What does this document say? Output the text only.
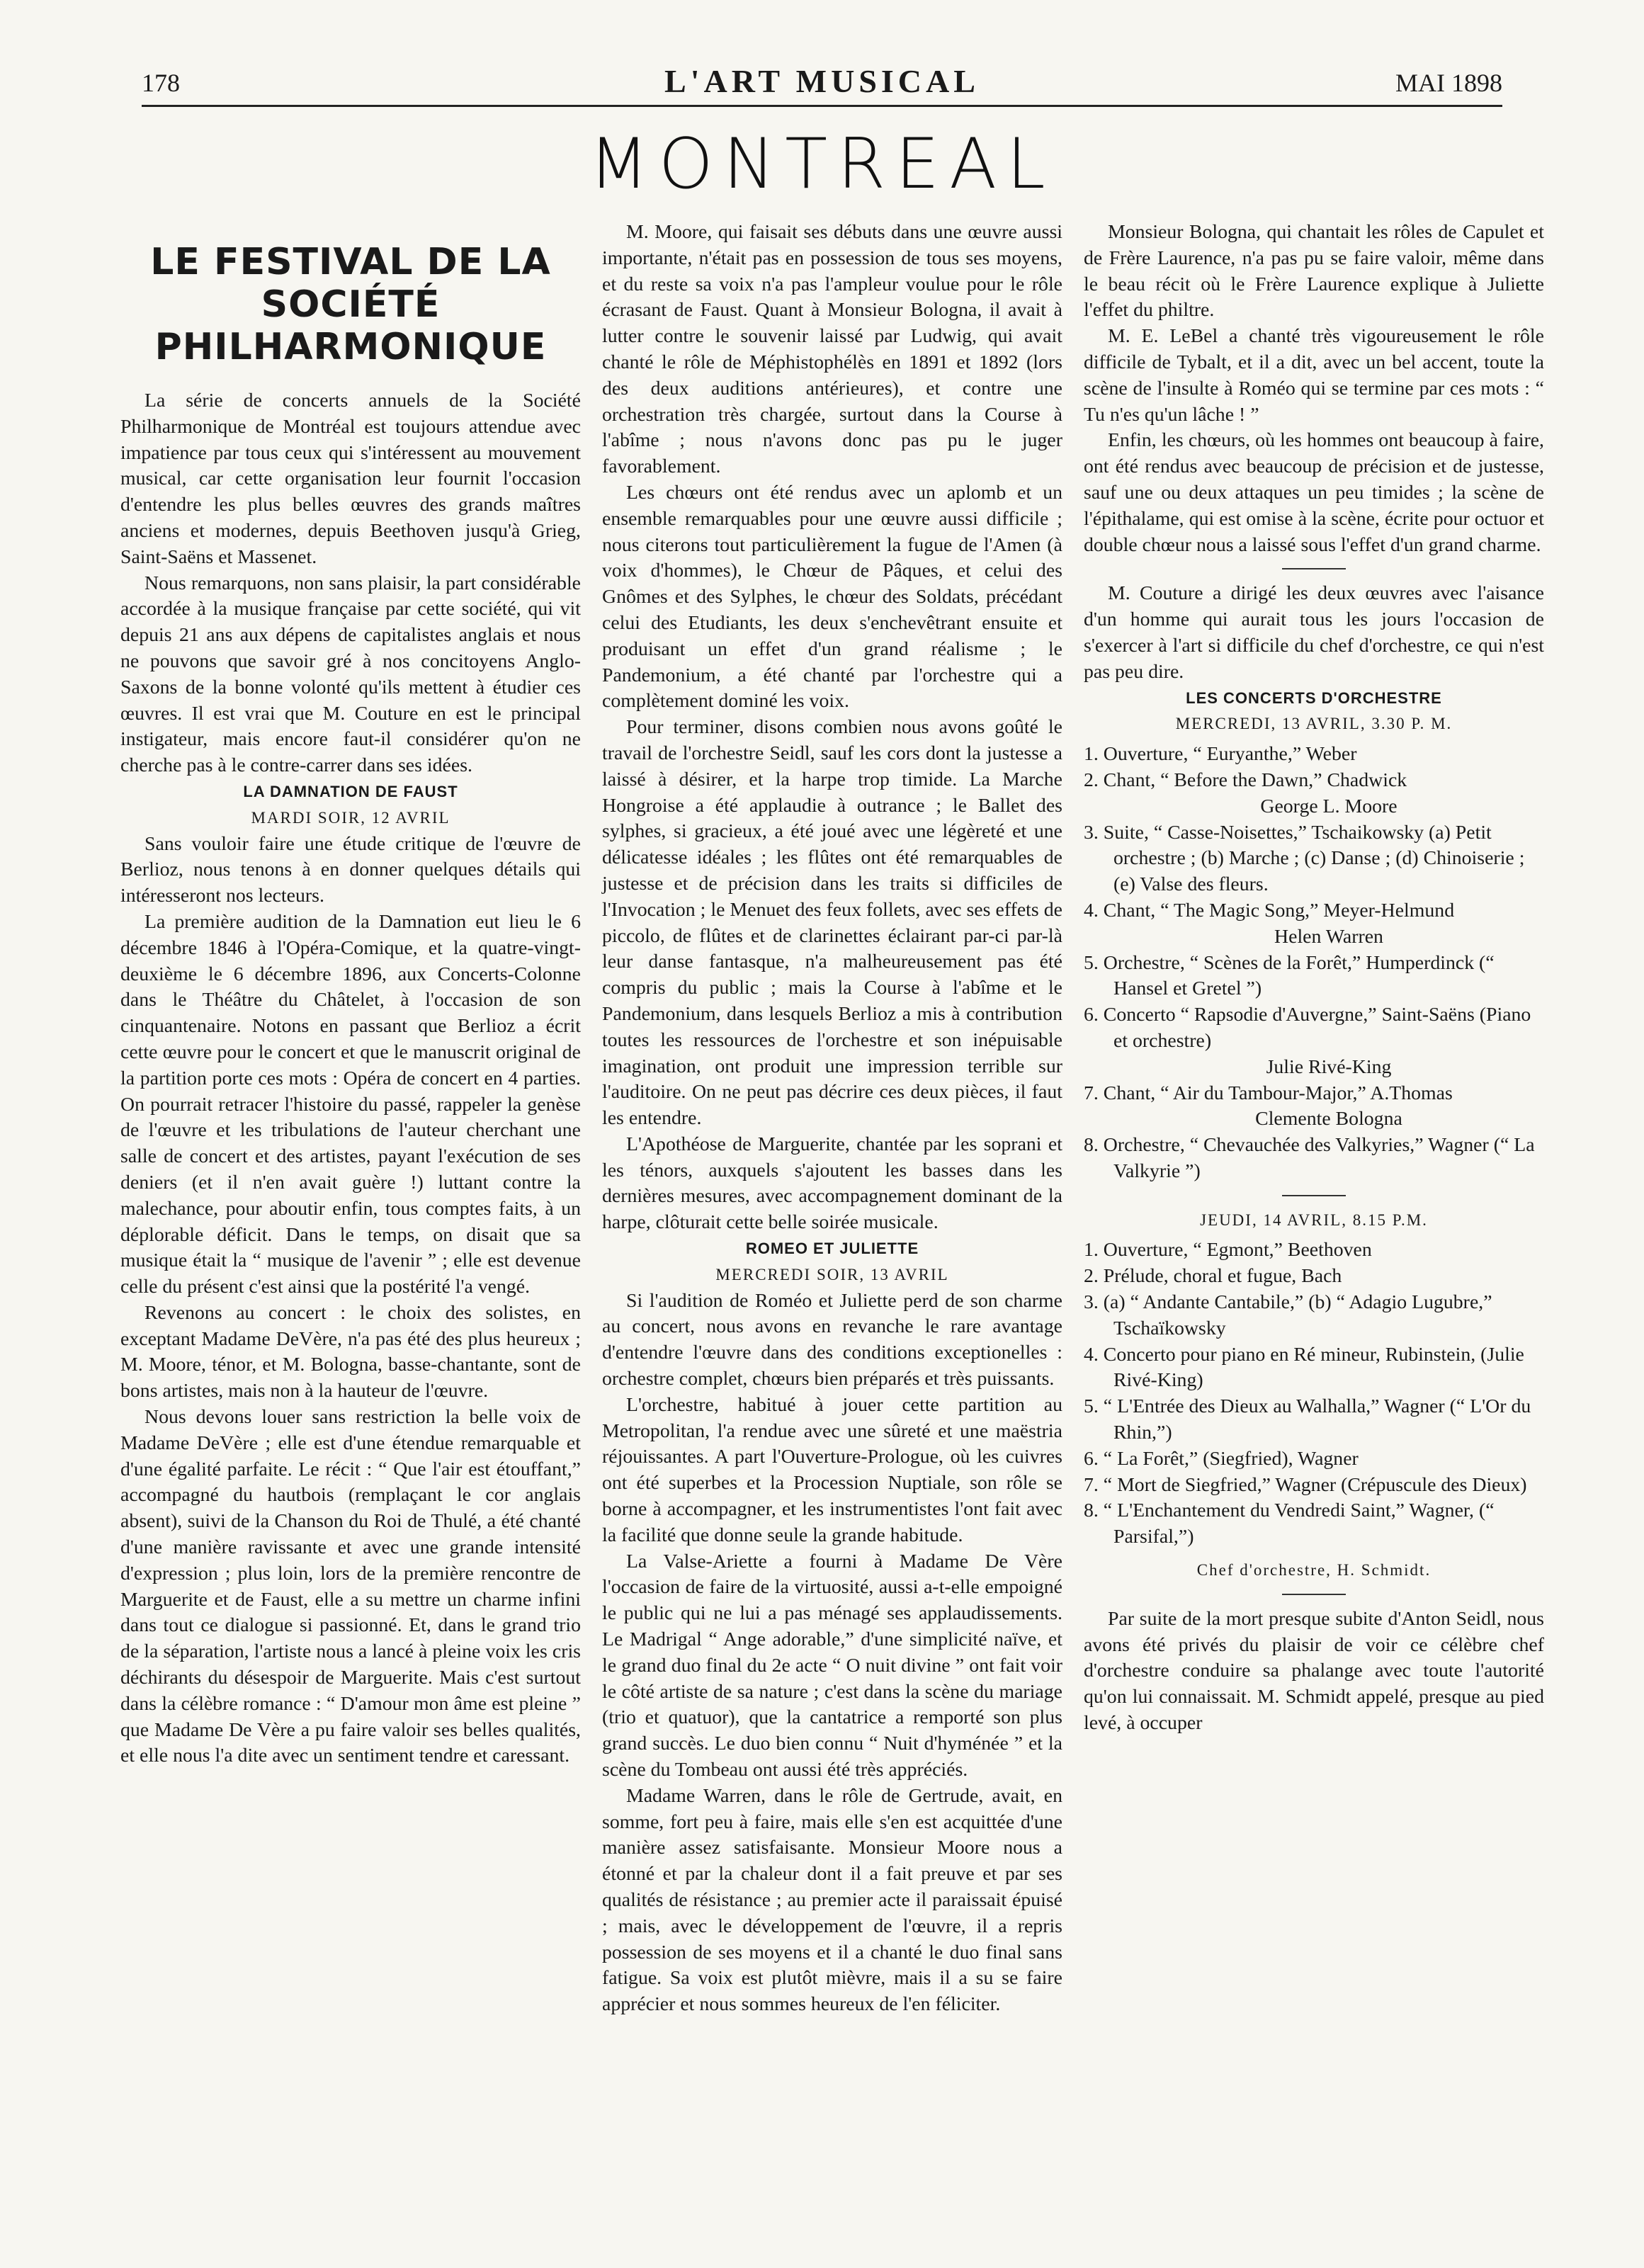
178	L'ART MUSICAL	MAI 1898
MONTREAL
LE FESTIVAL DE LA SOCIÉTÉ PHILHARMONIQUE

La série de concerts annuels de la Société Philharmonique de Montréal est toujours attendue avec impatience par tous ceux qui s'intéressent au mouvement musical, car cette organisation leur fournit l'occasion d'entendre les plus belles œuvres des grands maîtres anciens et modernes, depuis Beethoven jusqu'à Grieg, Saint-Saëns et Massenet.

Nous remarquons, non sans plaisir, la part considérable accordée à la musique française par cette société, qui vit depuis 21 ans aux dépens de capitalistes anglais et nous ne pouvons que savoir gré à nos concitoyens Anglo-Saxons de la bonne volonté qu'ils mettent à étudier ces œuvres. Il est vrai que M. Couture en est le principal instigateur, mais encore faut-il considérer qu'on ne cherche pas à le contre-carrer dans ses idées.

LA DAMNATION DE FAUST

MARDI SOIR, 12 AVRIL

Sans vouloir faire une étude critique de l'œuvre de Berlioz, nous tenons à en donner quelques détails qui intéresseront nos lecteurs.

La première audition de la Damnation eut lieu le 6 décembre 1846 à l'Opéra-Comique, et la quatre-vingt-deuxième le 6 décembre 1896, aux Concerts-Colonne dans le Théâtre du Châtelet, à l'occasion de son cinquantenaire. Notons en passant que Berlioz a écrit cette œuvre pour le concert et que le manuscrit original de la partition porte ces mots : Opéra de concert en 4 parties. On pourrait retracer l'histoire du passé, rappeler la genèse de l'œuvre et les tribulations de l'auteur cherchant une salle de concert et des artistes, payant l'exécution de ses deniers (et il n'en avait guère !) luttant contre la malechance, pour aboutir enfin, tous comptes faits, à un déplorable déficit. Dans le temps, on disait que sa musique était la “ musique de l'avenir ” ; elle est devenue celle du présent c'est ainsi que la postérité l'a vengé.

Revenons au concert : le choix des solistes, en exceptant Madame DeVère, n'a pas été des plus heureux ; M. Moore, ténor, et M. Bologna, basse-chantante, sont de bons artistes, mais non à la hauteur de l'œuvre.

Nous devons louer sans restriction la belle voix de Madame DeVère ; elle est d'une étendue remarquable et d'une égalité parfaite. Le récit : “ Que l'air est étouffant,” accompagné du hautbois (remplaçant le cor anglais absent), suivi de la Chanson du Roi de Thulé, a été chanté d'une manière ravissante et avec une grande intensité d'expression ; plus loin, lors de la première rencontre de Marguerite et de Faust, elle a su mettre un charme infini dans tout ce dialogue si passionné. Et, dans le grand trio de la séparation, l'artiste nous a lancé à pleine voix les cris déchirants du désespoir de Marguerite. Mais c'est surtout dans la célèbre romance : “ D'amour mon âme est pleine ” que Madame De Vère a pu faire valoir ses belles qualités, et elle nous l'a dite avec un sentiment tendre et caressant.

M. Moore, qui faisait ses débuts dans une œuvre aussi importante, n'était pas en possession de tous ses moyens, et du reste sa voix n'a pas l'ampleur voulue pour le rôle écrasant de Faust. Quant à Monsieur Bologna, il avait à lutter contre le souvenir laissé par Ludwig, qui avait chanté le rôle de Méphistophélès en 1891 et 1892 (lors des deux auditions antérieures), et contre une orchestration très chargée, surtout dans la Course à l'abîme ; nous n'avons donc pas pu le juger favorablement.

Les chœurs ont été rendus avec un aplomb et un ensemble remarquables pour une œuvre aussi difficile ; nous citerons tout particulièrement la fugue de l'Amen (à voix d'hommes), le Chœur de Pâques, et celui des Gnômes et des Sylphes, le chœur des Soldats, précédant celui des Etudiants, les deux s'enchevêtrant ensuite et produisant un effet d'un grand réalisme ; le Pandemonium, a été chanté par l'orchestre qui a complètement dominé les voix.

Pour terminer, disons combien nous avons goûté le travail de l'orchestre Seidl, sauf les cors dont la justesse a laissé à désirer, et la harpe trop timide. La Marche Hongroise a été applaudie à outrance ; le Ballet des sylphes, si gracieux, a été joué avec une légèreté et une délicatesse idéales ; les flûtes ont été remarquables de justesse et de précision dans les traits si difficiles de l'Invocation ; le Menuet des feux follets, avec ses effets de piccolo, de flûtes et de clarinettes éclairant par-ci par-là leur danse fantasque, n'a malheureusement pas été compris du public ; mais la Course à l'abîme et le Pandemonium, dans lesquels Berlioz a mis à contribution toutes les ressources de l'orchestre et son inépuisable imagination, ont produit une impression terrible sur l'auditoire. On ne peut pas décrire ces deux pièces, il faut les entendre.

L'Apothéose de Marguerite, chantée par les soprani et les ténors, auxquels s'ajoutent les basses dans les dernières mesures, avec accompagnement dominant de la harpe, clôturait cette belle soirée musicale.

ROMEO ET JULIETTE

MERCREDI SOIR, 13 AVRIL

Si l'audition de Roméo et Juliette perd de son charme au concert, nous avons en revanche le rare avantage d'entendre l'œuvre dans des conditions exceptionelles : orchestre complet, chœurs bien préparés et très puissants.

L'orchestre, habitué à jouer cette partition au Metropolitan, l'a rendue avec une sûreté et une maëstria réjouissantes. A part l'Ouverture-Prologue, où les cuivres ont été superbes et la Procession Nuptiale, son rôle se borne à accompagner, et les instrumentistes l'ont fait avec la facilité que donne seule la grande habitude.

La Valse-Ariette a fourni à Madame De Vère l'occasion de faire de la virtuosité, aussi a-t-elle empoigné le public qui ne lui a pas ménagé ses applaudissements. Le Madrigal “ Ange adorable,” d'une simplicité naïve, et le grand duo final du 2e acte “ O nuit divine ” ont fait voir le côté artiste de sa nature ; c'est dans la scène du mariage (trio et quatuor), que la cantatrice a remporté son plus grand succès. Le duo bien connu “ Nuit d'hyménée ” et la scène du Tombeau ont aussi été très appréciés.

Madame Warren, dans le rôle de Gertrude, avait, en somme, fort peu à faire, mais elle s'en est acquittée d'une manière assez satisfaisante. Monsieur Moore nous a étonné et par la chaleur dont il a fait preuve et par ses qualités de résistance ; au premier acte il paraissait épuisé ; mais, avec le développement de l'œuvre, il a repris possession de ses moyens et il a chanté le duo final sans fatigue. Sa voix est plutôt mièvre, mais il a su se faire apprécier et nous sommes heureux de l'en féliciter.

Monsieur Bologna, qui chantait les rôles de Capulet et de Frère Laurence, n'a pas pu se faire valoir, même dans le beau récit où le Frère Laurence explique à Juliette l'effet du philtre.

M. E. LeBel a chanté très vigoureusement le rôle difficile de Tybalt, et il a dit, avec un bel accent, toute la scène de l'insulte à Roméo qui se termine par ces mots : “ Tu n'es qu'un lâche ! ”

Enfin, les chœurs, où les hommes ont beaucoup à faire, ont été rendus avec beaucoup de précision et de justesse, sauf une ou deux attaques un peu timides ; la scène de l'épithalame, qui est omise à la scène, écrite pour octuor et double chœur nous a laissé sous l'effet d'un grand charme.

M. Couture a dirigé les deux œuvres avec l'aisance d'un homme qui aurait tous les jours l'occasion de s'exercer à l'art si difficile du chef d'orchestre, ce qui n'est pas peu dire.

LES CONCERTS D'ORCHESTRE

MERCREDI, 13 AVRIL, 3.30 P. M.

1. Ouverture, “ Euryanthe,” Weber
2. Chant, “ Before the Dawn,” Chadwick
George L. Moore
3. Suite, “ Casse-Noisettes,” Tschaikowsky (a) Petit orchestre ; (b) Marche ; (c) Danse ; (d) Chinoiserie ; (e) Valse des fleurs.
4. Chant, “ The Magic Song,” Meyer-Helmund
Helen Warren
5. Orchestre, “ Scènes de la Forêt,” Humperdinck (“ Hansel et Gretel ”)
6. Concerto “ Rapsodie d'Auvergne,” Saint-Saëns (Piano et orchestre)
Julie Rivé-King
7. Chant, “ Air du Tambour-Major,” A.Thomas
Clemente Bologna
8. Orchestre, “ Chevauchée des Valkyries,” Wagner (“ La Valkyrie ”)

JEUDI, 14 AVRIL, 8.15 P.M.

1. Ouverture, “ Egmont,” Beethoven
2. Prélude, choral et fugue, Bach
3. (a) “ Andante Cantabile,” (b) “ Adagio Lugubre,” Tschaïkowsky
4. Concerto pour piano en Ré mineur, Rubinstein, (Julie Rivé-King)
5. “ L'Entrée des Dieux au Walhalla,” Wagner (“ L'Or du Rhin,”)
6. “ La Forêt,” (Siegfried), Wagner
7. “ Mort de Siegfried,” Wagner (Crépuscule des Dieux)
8. “ L'Enchantement du Vendredi Saint,” Wagner, (“ Parsifal,”)

Chef d'orchestre, H. Schmidt.

Par suite de la mort presque subite d'Anton Seidl, nous avons été privés du plaisir de voir ce célèbre chef d'orchestre conduire sa phalange avec toute l'autorité qu'on lui connaissait. M. Schmidt appelé, presque au pied levé, à occuper
